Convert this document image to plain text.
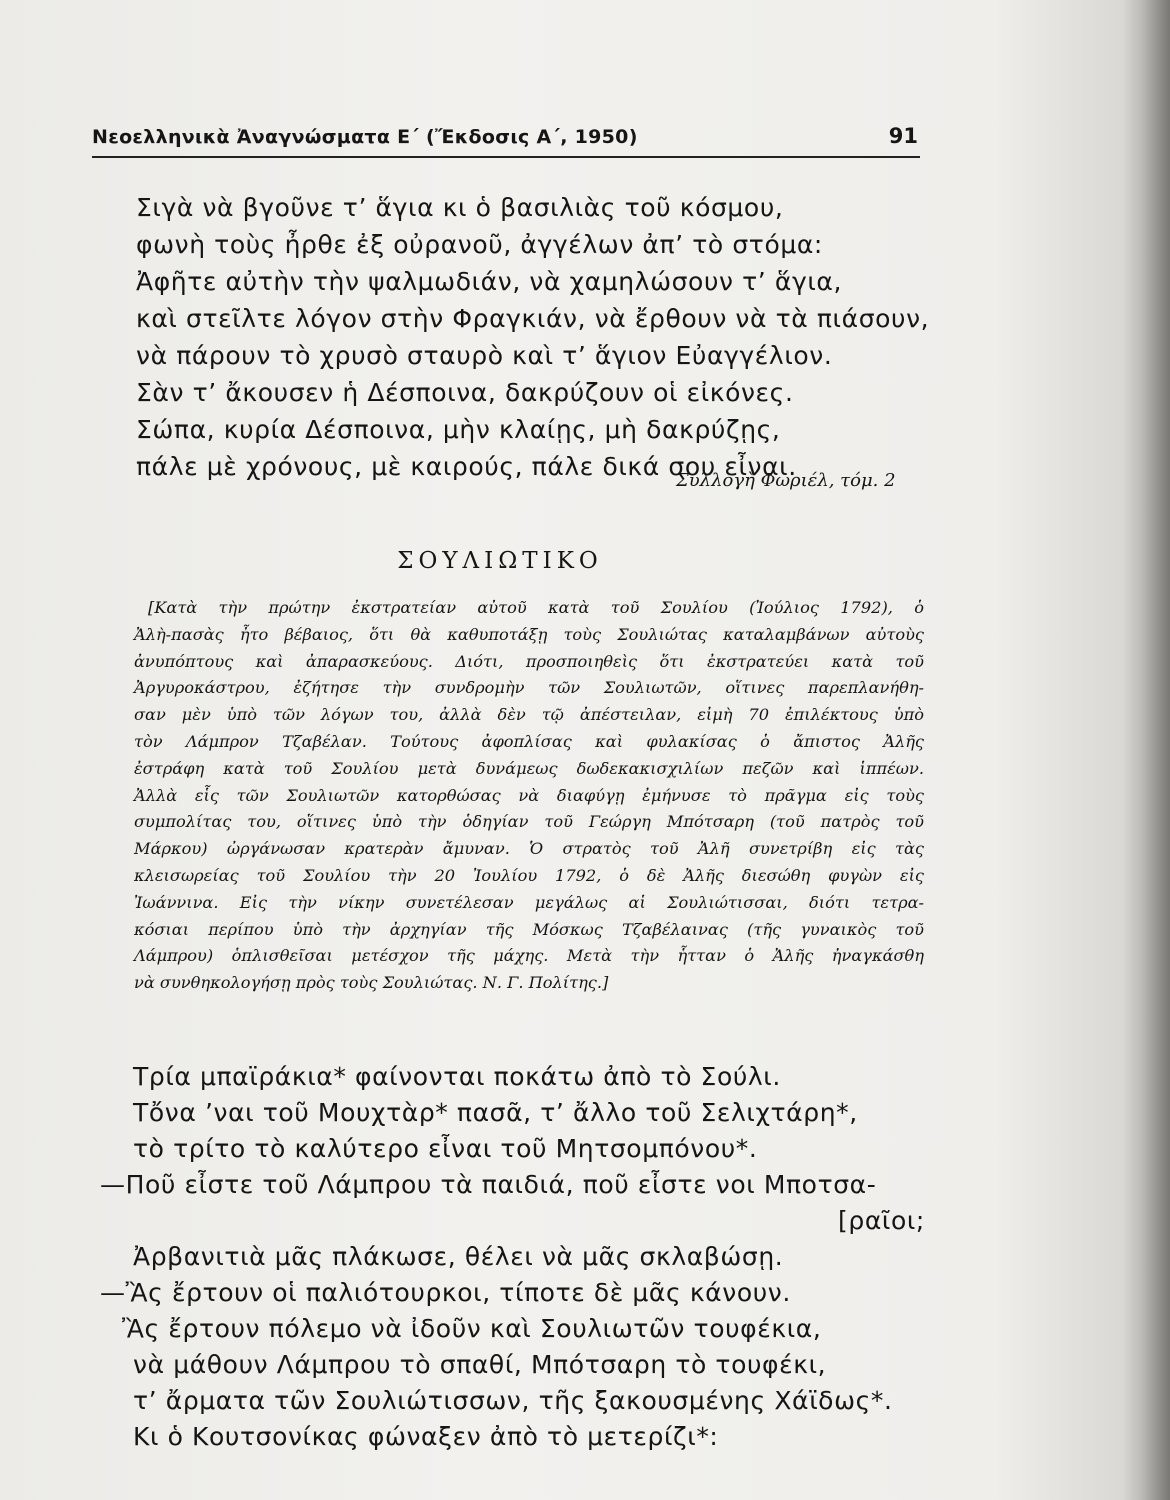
Νεοελληνικὰ Ἀναγνώσματα Ε΄ (Ἔκδοσις Α΄, 1950)	91
Σιγὰ νὰ βγοῦνε τ’ ἅγια κι ὁ βασιλιὰς τοῦ κόσμου,
φωνὴ τοὺς ἦρθε ἐξ οὐρανοῦ, ἀγγέλων ἀπ’ τὸ στόμα:
Ἀφῆτε αὐτὴν τὴν ψαλμωδιάν, νὰ χαμηλώσουν τ’ ἅγια,
καὶ στεῖλτε λόγον στὴν Φραγκιάν, νὰ ἔρθουν νὰ τὰ πιάσουν,
νὰ πάρουν τὸ χρυσὸ σταυρὸ καὶ τ’ ἅγιον Εὐαγγέλιον.
Σὰν τ’ ἄκουσεν ἡ Δέσποινα, δακρύζουν οἱ εἰκόνες.
Σώπα, κυρία Δέσποινα, μὴν κλαίῃς, μὴ δακρύζῃς,
πάλε μὲ χρόνους, μὲ καιρούς, πάλε δικά σου εἶναι.
Συλλογὴ Φωριέλ, τόμ. 2
ΣΟΥΛΙΩΤΙΚΟ
[Κατὰ τὴν πρώτην ἐκστρατείαν αὐτοῦ κατὰ τοῦ Σουλίου (Ἰούλιος 1792), ὁ
Ἀλὴ-πασὰς ἦτο βέβαιος, ὅτι θὰ καθυποτάξῃ τοὺς Σουλιώτας καταλαμβάνων αὐτοὺς
ἀνυπόπτους καὶ ἀπαρασκεύους. Διότι, προσποιηθεὶς ὅτι ἐκστρατεύει κατὰ τοῦ
Ἀργυροκάστρου, ἐζήτησε τὴν συνδρομὴν τῶν Σουλιωτῶν, οἵτινες παρεπλανήθη-
σαν μὲν ὑπὸ τῶν λόγων του, ἀλλὰ δὲν τῷ ἀπέστειλαν, εἰμὴ 70 ἐπιλέκτους ὑπὸ
τὸν Λάμπρον Τζαβέλαν. Τούτους ἀφοπλίσας καὶ φυλακίσας ὁ ἄπιστος Ἀλῆς
ἐστράφη κατὰ τοῦ Σουλίου μετὰ δυνάμεως δωδεκακισχιλίων πεζῶν καὶ ἱππέων.
Ἀλλὰ εἷς τῶν Σουλιωτῶν κατορθώσας νὰ διαφύγῃ ἐμήνυσε τὸ πρᾶγμα εἰς τοὺς
συμπολίτας του, οἵτινες ὑπὸ τὴν ὁδηγίαν τοῦ Γεώργη Μπότσαρη (τοῦ πατρὸς τοῦ
Μάρκου) ὠργάνωσαν κρατερὰν ἄμυναν. Ὁ στρατὸς τοῦ Ἀλῆ συνετρίβη εἰς τὰς
κλεισωρείας τοῦ Σουλίου τὴν 20 Ἰουλίου 1792, ὁ δὲ Ἀλῆς διεσώθη φυγὼν εἰς
Ἰωάννινα. Εἰς τὴν νίκην συνετέλεσαν μεγάλως αἱ Σουλιώτισσαι, διότι τετρα-
κόσιαι περίπου ὑπὸ τὴν ἀρχηγίαν τῆς Μόσκως Τζαβέλαινας (τῆς γυναικὸς τοῦ
Λάμπρου) ὁπλισθεῖσαι μετέσχον τῆς μάχης. Μετὰ τὴν ἧτταν ὁ Ἀλῆς ἠναγκάσθη
νὰ συνθηκολογήσῃ πρὸς τοὺς Σουλιώτας. Ν. Γ. Πολίτης.]
Τρία μπαϊράκια* φαίνονται ποκάτω ἀπὸ τὸ Σούλι.
Τὄνα ’ναι τοῦ Μουχτὰρ* πασᾶ, τ’ ἄλλο τοῦ Σελιχτάρη*,
τὸ τρίτο τὸ καλύτερο εἶναι τοῦ Μητσομπόνου*.
—Ποῦ εἶστε τοῦ Λάμπρου τὰ παιδιά, ποῦ εἶστε νοι Μποτσα-
[ραῖοι;
Ἀρβανιτιὰ μᾶς πλάκωσε, θέλει νὰ μᾶς σκλαβώσῃ.
—Ἂς ἔρτουν οἱ παλιότουρκοι, τίποτε δὲ μᾶς κάνουν.
Ἂς ἔρτουν πόλεμο νὰ ἰδοῦν καὶ Σουλιωτῶν τουφέκια,
νὰ μάθουν Λάμπρου τὸ σπαθί, Μπότσαρη τὸ τουφέκι,
τ’ ἄρματα τῶν Σουλιώτισσων, τῆς ξακουσμένης Χάϊδως*.
Κι ὁ Κουτσονίκας φώναξεν ἀπὸ τὸ μετερίζι*:
